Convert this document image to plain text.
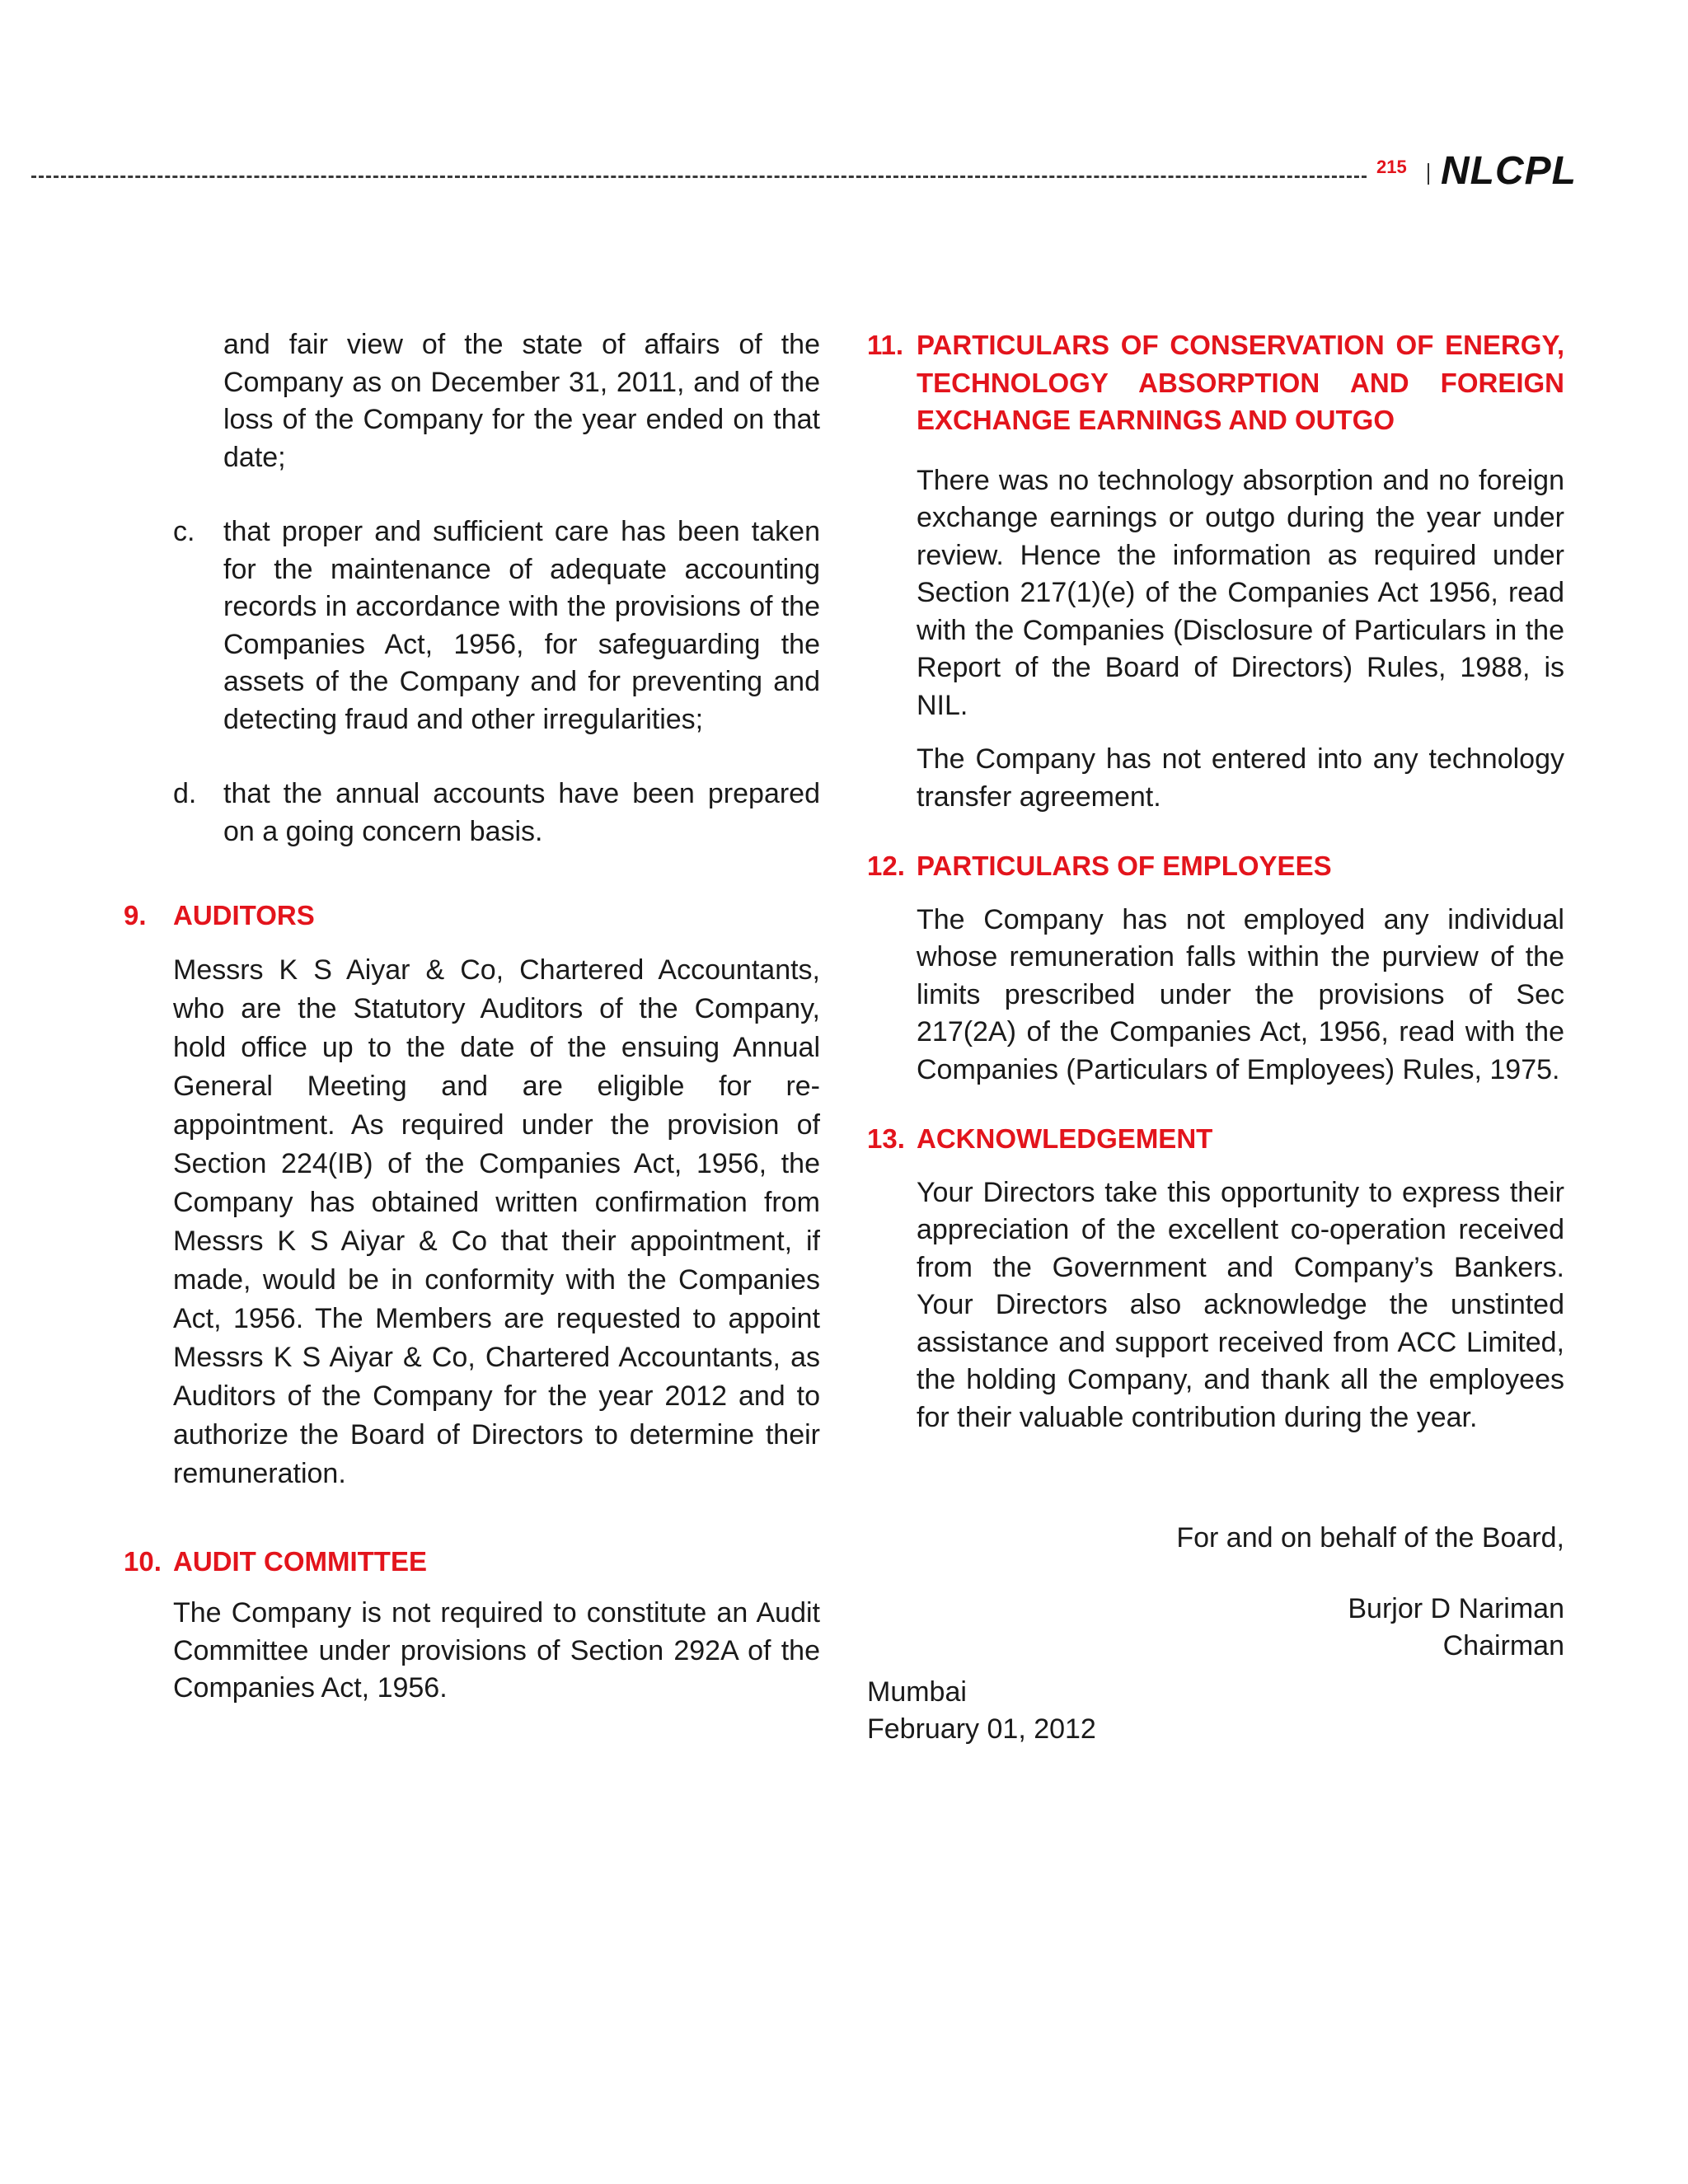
215 NLCPL

and fair view of the state of affairs of the Company as on December 31, 2011, and of the loss of the Company for the year ended on that date;

c. that proper and sufficient care has been taken for the maintenance of adequate accounting records in accordance with the provisions of the Companies Act, 1956, for safeguarding the assets of the Company and for preventing and detecting fraud and other irregularities;
d. that the annual accounts have been prepared on a going concern basis.
9. AUDITORS

Messrs K S Aiyar & Co, Chartered Accountants, who are the Statutory Auditors of the Company, hold office up to the date of the ensuing Annual General Meeting and are eligible for re-appointment. As required under the provision of Section 224(IB) of the Companies Act, 1956, the Company has obtained written confirmation from Messrs K S Aiyar & Co that their appointment, if made, would be in conformity with the Companies Act, 1956. The Members are requested to appoint Messrs K S Aiyar & Co, Chartered Accountants, as Auditors of the Company for the year 2012 and to authorize the Board of Directors to determine their remuneration.

10. AUDIT COMMITTEE

The Company is not required to constitute an Audit Committee under provisions of Section 292A of the Companies Act, 1956.

11. PARTICULARS OF CONSERVATION OF ENERGY, TECHNOLOGY ABSORPTION AND FOREIGN EXCHANGE EARNINGS AND OUTGO

There was no technology absorption and no foreign exchange earnings or outgo during the year under review. Hence the information as required under Section 217(1)(e) of the Companies Act 1956, read with the Companies (Disclosure of Particulars in the Report of the Board of Directors) Rules, 1988, is NIL.

The Company has not entered into any technology transfer agreement.

12. PARTICULARS OF EMPLOYEES

The Company has not employed any individual whose remuneration falls within the purview of the limits prescribed under the provisions of Sec 217(2A) of the Companies Act, 1956, read with the Companies (Particulars of Employees) Rules, 1975.

13. ACKNOWLEDGEMENT

Your Directors take this opportunity to express their appreciation of the excellent co-operation received from the Government and Company’s Bankers. Your Directors also acknowledge the unstinted assistance and support received from ACC Limited, the holding Company, and thank all the employees for their valuable contribution during the year.

For and on behalf of the Board,
Burjor D Nariman
Chairman
Mumbai
February 01, 2012
